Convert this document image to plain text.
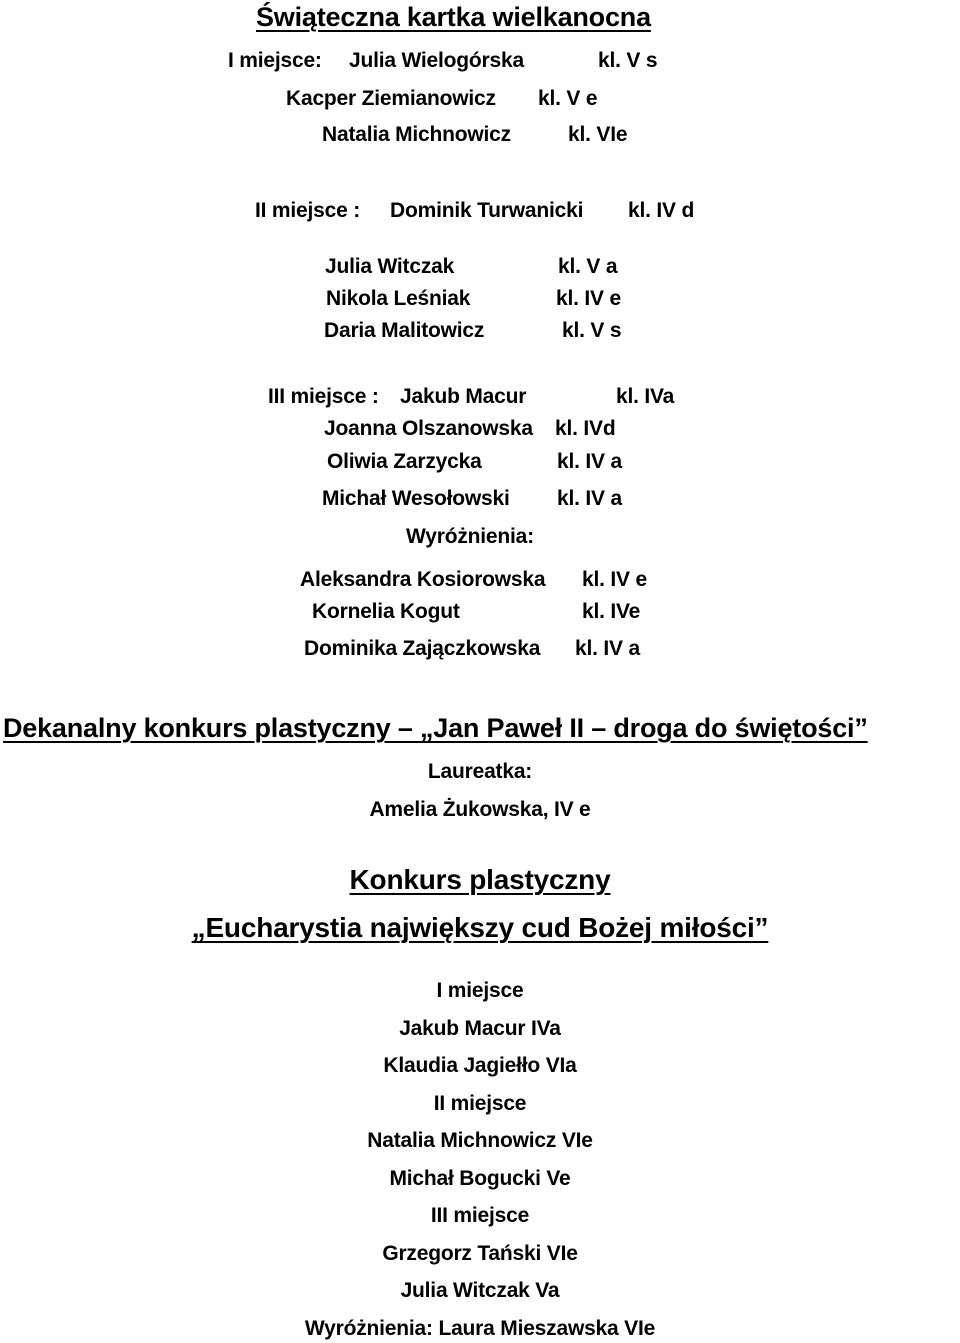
Świąteczna kartka wielkanocna
I miejsce: Julia Wielogórska	kl. V s
Kacper Ziemianowicz kl. V e
Natalia Michnowicz	kl. VIe
II miejsce : Dominik Turwanicki kl. IV d
Julia Witczak	kl. V a
Nikola Leśniak	kl. IV e
Daria Malitowicz	kl. V s
III miejsce : Jakub Macur	kl. IVa
Joanna Olszanowska kl. IVd
Oliwia Zarzycka	kl. IV a
Michał Wesołowski kl. IV a
Wyróżnienia:
Aleksandra Kosiorowska kl. IV e
Kornelia Kogut	kl. IVe
Dominika Zajączkowska kl. IV a
Dekanalny konkurs plastyczny – „Jan Paweł II – droga do świętości”
Laureatka:
Amelia Żukowska, IV e
Konkurs plastyczny
„Eucharystia największy cud Bożej miłości”
I miejsce
Jakub Macur IVa
Klaudia Jagiełło VIa
II miejsce
Natalia Michnowicz VIe
Michał Bogucki Ve
III miejsce
Grzegorz Tański VIe
Julia Witczak Va
Wyróżnienia: Laura Mieszawska VIe
